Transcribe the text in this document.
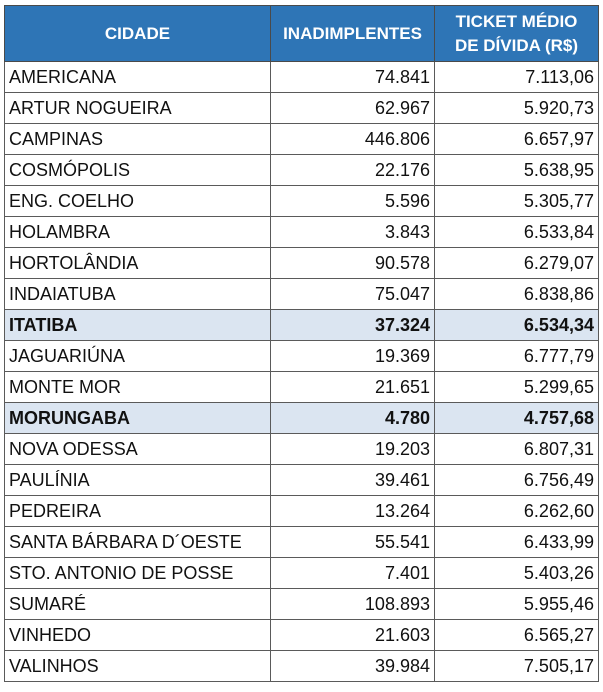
CIDADE	INADIMPLENTES	TICKET MÉDIO
DE DÍVIDA (R$)

AMERICANA	74.841	7.113,06
ARTUR NOGUEIRA	62.967	5.920,73
CAMPINAS	446.806	6.657,97
COSMÓPOLIS	22.176	5.638,95
ENG. COELHO	5.596	5.305,77
HOLAMBRA	3.843	6.533,84
HORTOLÂNDIA	90.578	6.279,07
INDAIATUBA	75.047	6.838,86
ITATIBA	37.324	6.534,34
JAGUARIÚNA	19.369	6.777,79
MONTE MOR	21.651	5.299,65
MORUNGABA	4.780	4.757,68
NOVA ODESSA	19.203	6.807,31
PAULÍNIA	39.461	6.756,49
PEDREIRA	13.264	6.262,60
SANTA BÁRBARA D´OESTE	55.541	6.433,99
STO. ANTONIO DE POSSE	7.401	5.403,26
SUMARÉ	108.893	5.955,46
VINHEDO	21.603	6.565,27
VALINHOS	39.984	7.505,17
